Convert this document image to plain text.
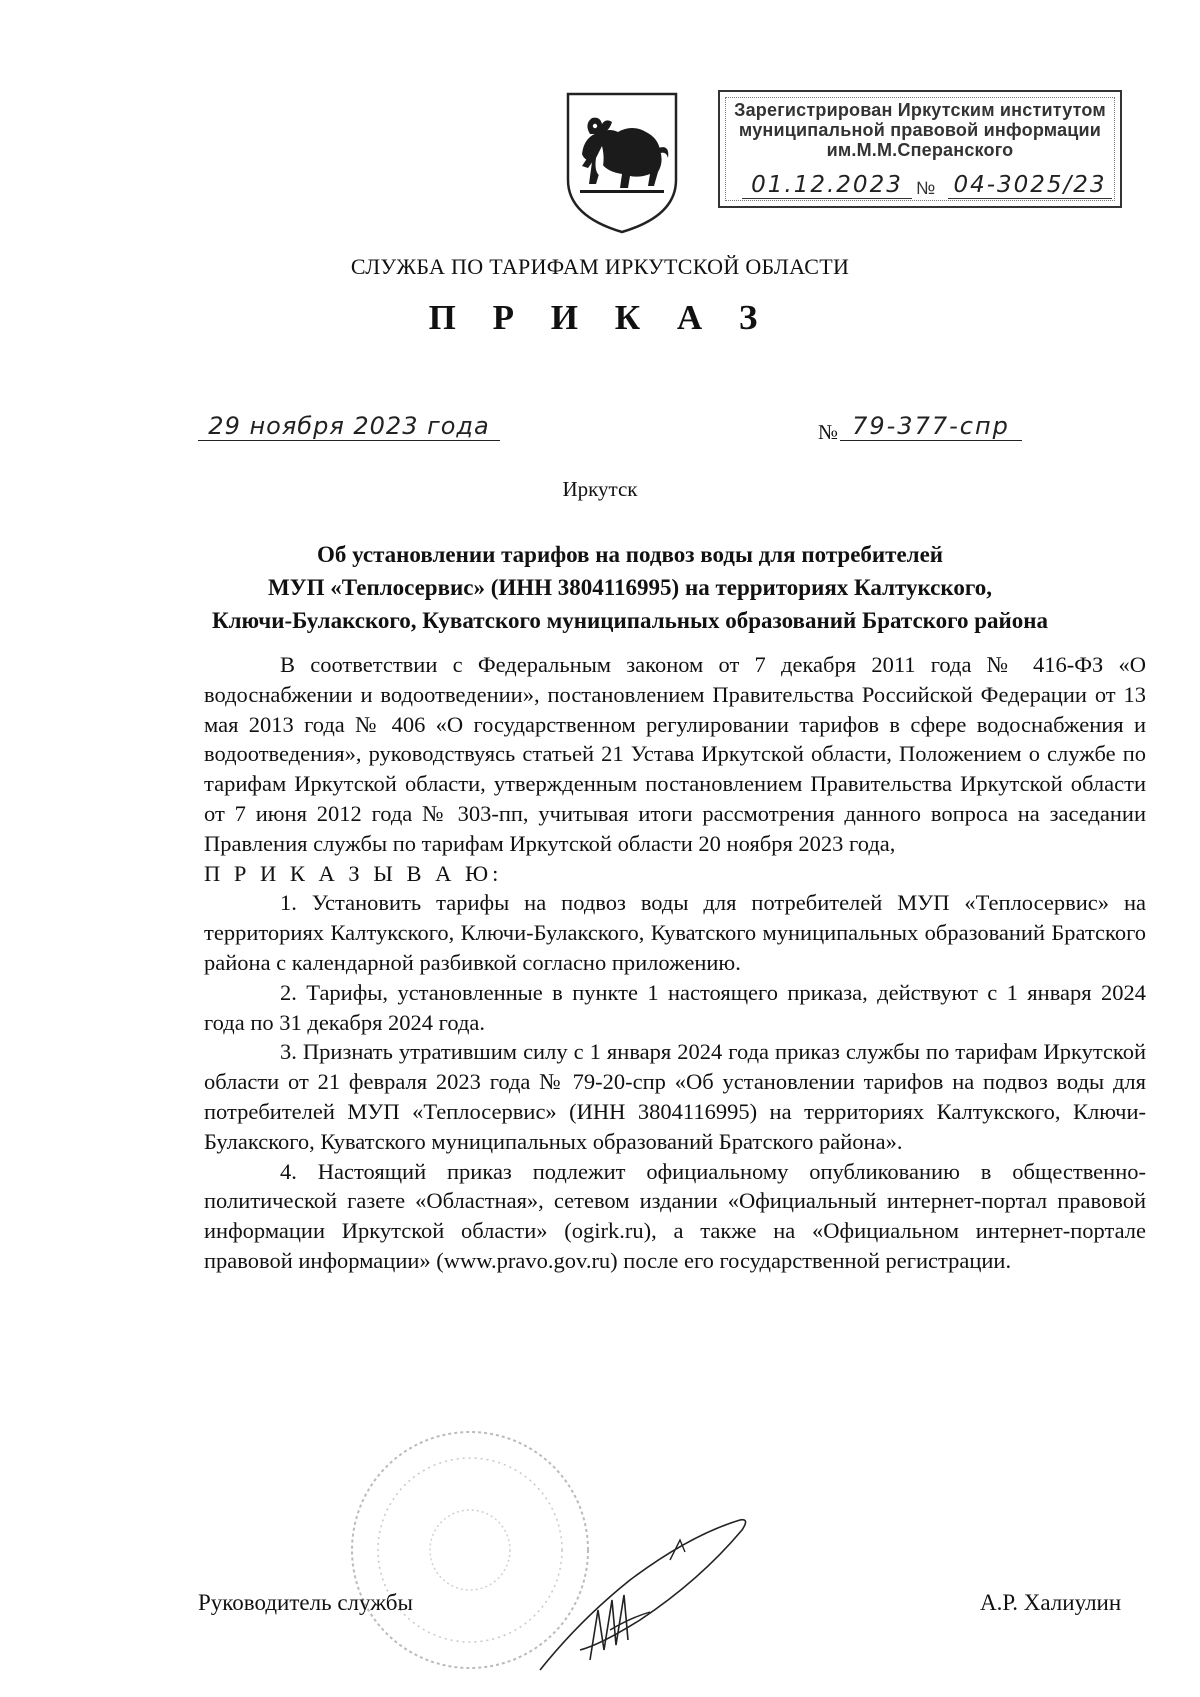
Зарегистрирован Иркутским институтом
муниципальной правовой информации
им.М.М.Сперанского
01.12.2023 № 04-3025/23
СЛУЖБА ПО ТАРИФАМ ИРКУТСКОЙ ОБЛАСТИ
П Р И К А З
29 ноября 2023 года	№ 79-377-спр
Иркутск
Об установлении тарифов на подвоз воды для потребителей
МУП «Теплосервис» (ИНН 3804116995) на территориях Калтукского,
Ключи-Булакского, Куватского муниципальных образований Братского района

В соответствии с Федеральным законом от 7 декабря 2011 года № 416-ФЗ «О водоснабжении и водоотведении», постановлением Правительства Российской Федерации от 13 мая 2013 года № 406 «О государственном регулировании тарифов в сфере водоснабжения и водоотведения», руководствуясь статьей 21 Устава Иркутской области, Положением о службе по тарифам Иркутской области, утвержденным постановлением Правительства Иркутской области от 7 июня 2012 года № 303-пп, учитывая итоги рассмотрения данного вопроса на заседании Правления службы по тарифам Иркутской области 20 ноября 2023 года,

П Р И К А З Ы В А Ю:

1. Установить тарифы на подвоз воды для потребителей МУП «Теплосервис» на территориях Калтукского, Ключи-Булакского, Куватского муниципальных образований Братского района с календарной разбивкой согласно приложению.

2. Тарифы, установленные в пункте 1 настоящего приказа, действуют с 1 января 2024 года по 31 декабря 2024 года.

3. Признать утратившим силу с 1 января 2024 года приказ службы по тарифам Иркутской области от 21 февраля 2023 года № 79-20-спр «Об установлении тарифов на подвоз воды для потребителей МУП «Теплосервис» (ИНН 3804116995) на территориях Калтукского, Ключи-Булакского, Куватского муниципальных образований Братского района».

4. Настоящий приказ подлежит официальному опубликованию в общественно-политической газете «Областная», сетевом издании «Официальный интернет-портал правовой информации Иркутской области» (ogirk.ru), а также на «Официальном интернет-портале правовой информации» (www.pravo.gov.ru) после его государственной регистрации.

Руководитель службы	А.Р. Халиулин
